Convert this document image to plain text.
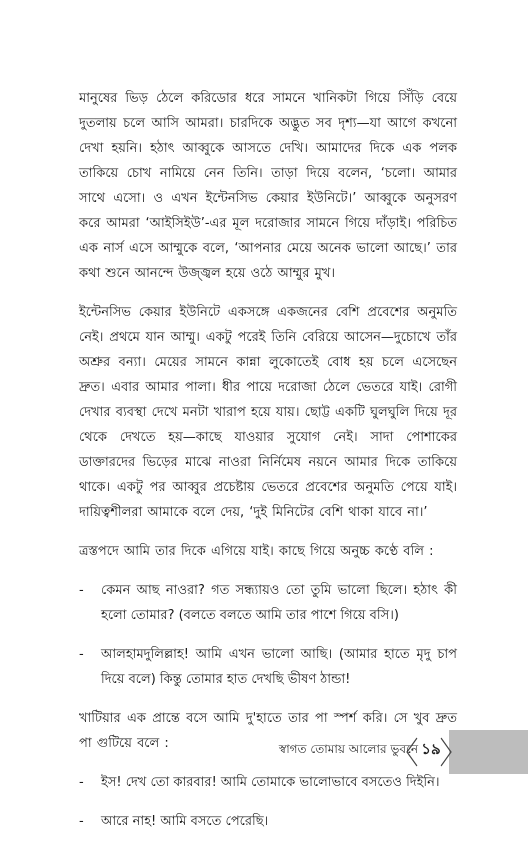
মানুষের ভিড় ঠেলে করিডোর ধরে সামনে খানিকটা গিয়ে সিঁড়ি বেয়ে দুতলায় চলে আসি আমরা। চারদিকে অদ্ভুত সব দৃশ্য—যা আগে কখনো দেখা হয়নি। হঠাৎ আব্বুকে আসতে দেখি। আমাদের দিকে এক পলক তাকিয়ে চোখ নামিয়ে নেন তিনি। তাড়া দিয়ে বলেন, ‘চলো। আমার সাথে এসো। ও এখন ইন্টেনসিভ কেয়ার ইউনিটে।’ আব্বুকে অনুসরণ করে আমরা ‘আইসিইউ’-এর মূল দরোজার সামনে গিয়ে দাঁড়াই। পরিচিত এক নার্স এসে আম্মুকে বলে, ‘আপনার মেয়ে অনেক ভালো আছে।’ তার কথা শুনে আনন্দে উজ্জ্বল হয়ে ওঠে আম্মুর মুখ।

ইন্টেনসিভ কেয়ার ইউনিটে একসঙ্গে একজনের বেশি প্রবেশের অনুমতি নেই। প্রথমে যান আম্মু। একটু পরেই তিনি বেরিয়ে আসেন—দুচোখে তাঁর অশ্রুর বন্যা। মেয়ের সামনে কান্না লুকোতেই বোধ হয় চলে এসেছেন দ্রুত। এবার আমার পালা। ধীর পায়ে দরোজা ঠেলে ভেতরে যাই। রোগী দেখার ব্যবস্থা দেখে মনটা খারাপ হয়ে যায়। ছোট্ট একটি ঘুলঘুলি দিয়ে দূর থেকে দেখতে হয়—কাছে যাওয়ার সুযোগ নেই। সাদা পোশাকের ডাক্তারদের ভিড়ের মাঝে নাওরা নির্নিমেষ নয়নে আমার দিকে তাকিয়ে থাকে। একটু পর আব্বুর প্রচেষ্টায় ভেতরে প্রবেশের অনুমতি পেয়ে যাই। দায়িত্বশীলরা আমাকে বলে দেয়, ‘দুই মিনিটের বেশি থাকা যাবে না।’

ত্রস্তপদে আমি তার দিকে এগিয়ে যাই। কাছে গিয়ে অনুচ্চ কণ্ঠে বলি :

- কেমন আছ নাওরা? গত সন্ধ্যায়ও তো তুমি ভালো ছিলে। হঠাৎ কী হলো তোমার? (বলতে বলতে আমি তার পাশে গিয়ে বসি।)
- আলহামদুলিল্লাহ! আমি এখন ভালো আছি। (আমার হাতে মৃদু চাপ দিয়ে বলে) কিন্তু তোমার হাত দেখছি ভীষণ ঠান্ডা!

খাটিয়ার এক প্রান্তে বসে আমি দু'হাতে তার পা স্পর্শ করি। সে খুব দ্রুত পা গুটিয়ে বলে :

- ইস! দেখ তো কারবার! আমি তোমাকে ভালোভাবে বসতেও দিইনি।
- আরে নাহ! আমি বসতে পেরেছি।
স্বাগত তোমায় আলোর ভুবনে ১৯
